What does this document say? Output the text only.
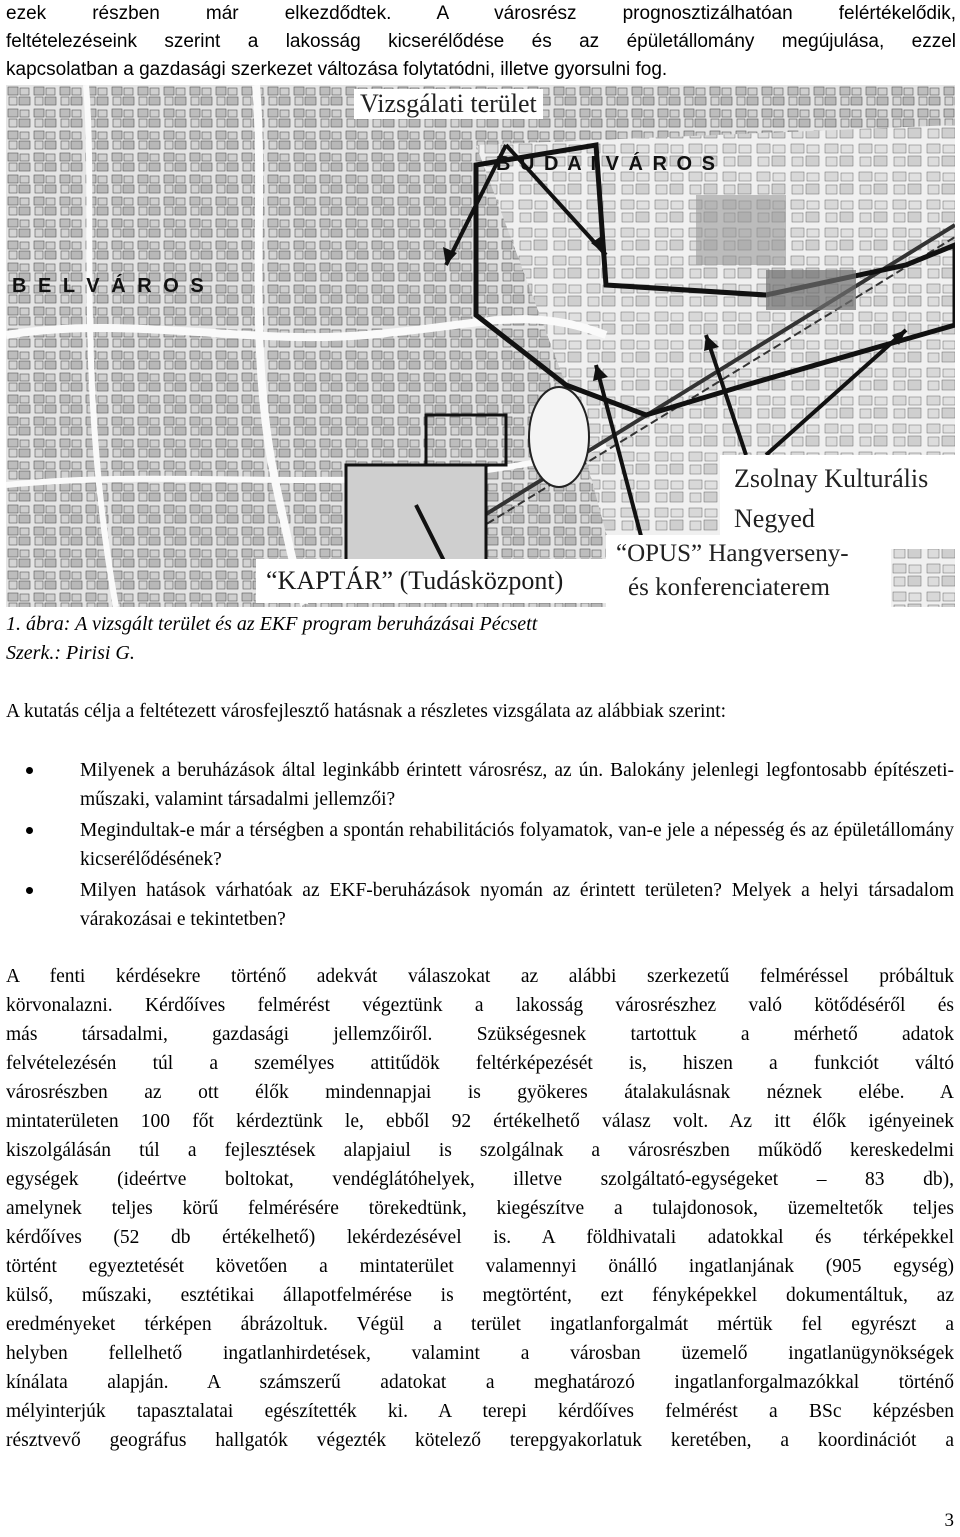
ezek részben már elkezdődtek. A városrész prognosztizálhatóan felértékelődik,
feltételezéseink szerint a lakosság kicserélődése és az épületállomány megújulása, ezzel
kapcsolatban a gazdasági szerkezet változása folytatódni, illetve gyorsulni fog.
Vizsgálati terület
B U D A I V Á R O S
B E L V Á R O S
Zsolnay Kulturális
Negyed
“OPUS” Hangverseny-
és konferenciaterem
“KAPTÁR” (Tudásközpont)
1. ábra: A vizsgált terület és az EKF program beruházásai Pécsett
Szerk.: Pirisi G.
A kutatás célja a feltétezett városfejlesztő hatásnak a részletes vizsgálata az alábbiak szerint:
Milyenek a beruházások által leginkább érintett városrész, az ún. Balokány jelenlegi legfontosabb építészeti-műszaki, valamint társadalmi jellemzői?
Megindultak-e már a térségben a spontán rehabilitációs folyamatok, van-e jele a népesség és az épületállomány kicserélődésének?
Milyen hatások várhatóak az EKF-beruházások nyomán az érintett területen? Melyek a helyi társadalom várakozásai e tekintetben?
A fenti kérdésekre történő adekvát válaszokat az alábbi szerkezetű felméréssel próbáltuk
körvonalazni. Kérdőíves felmérést végeztünk a lakosság városrészhez való kötődéséről és
más társadalmi, gazdasági jellemzőiről. Szükségesnek tartottuk a mérhető adatok
felvételezésén túl a személyes attitűdök feltérképezését is, hiszen a funkciót váltó
városrészben az ott élők mindennapjai is gyökeres átalakulásnak néznek elébe. A
mintaterületen 100 főt kérdeztünk le, ebből 92 értékelhető válasz volt. Az itt élők igényeinek
kiszolgálásán túl a fejlesztések alapjaiul is szolgálnak a városrészben működő kereskedelmi
egységek (ideértve boltokat, vendéglátóhelyek, illetve szolgáltató-egységeket – 83 db),
amelynek teljes körű felmérésére törekedtünk, kiegészítve a tulajdonosok, üzemeltetők teljes
kérdőíves (52 db értékelhető) lekérdezésével is. A földhivatali adatokkal és térképekkel
történt egyeztetését követően a mintaterület valamennyi önálló ingatlanjának (905 egység)
külső, műszaki, esztétikai állapotfelmérése is megtörtént, ezt fényképekkel dokumentáltuk, az
eredményeket térképen ábrázoltuk. Végül a terület ingatlanforgalmát mértük fel egyrészt a
helyben fellelhető ingatlanhirdetések, valamint a városban üzemelő ingatlanügynökségek
kínálata alapján. A számszerű adatokat a meghatározó ingatlanforgalmazókkal történő
mélyinterjúk tapasztalatai egészítették ki. A terepi kérdőíves felmérést a BSc képzésben
résztvevő geográfus hallgatók végezték kötelező terepgyakorlatuk keretében, a koordinációt a
3
